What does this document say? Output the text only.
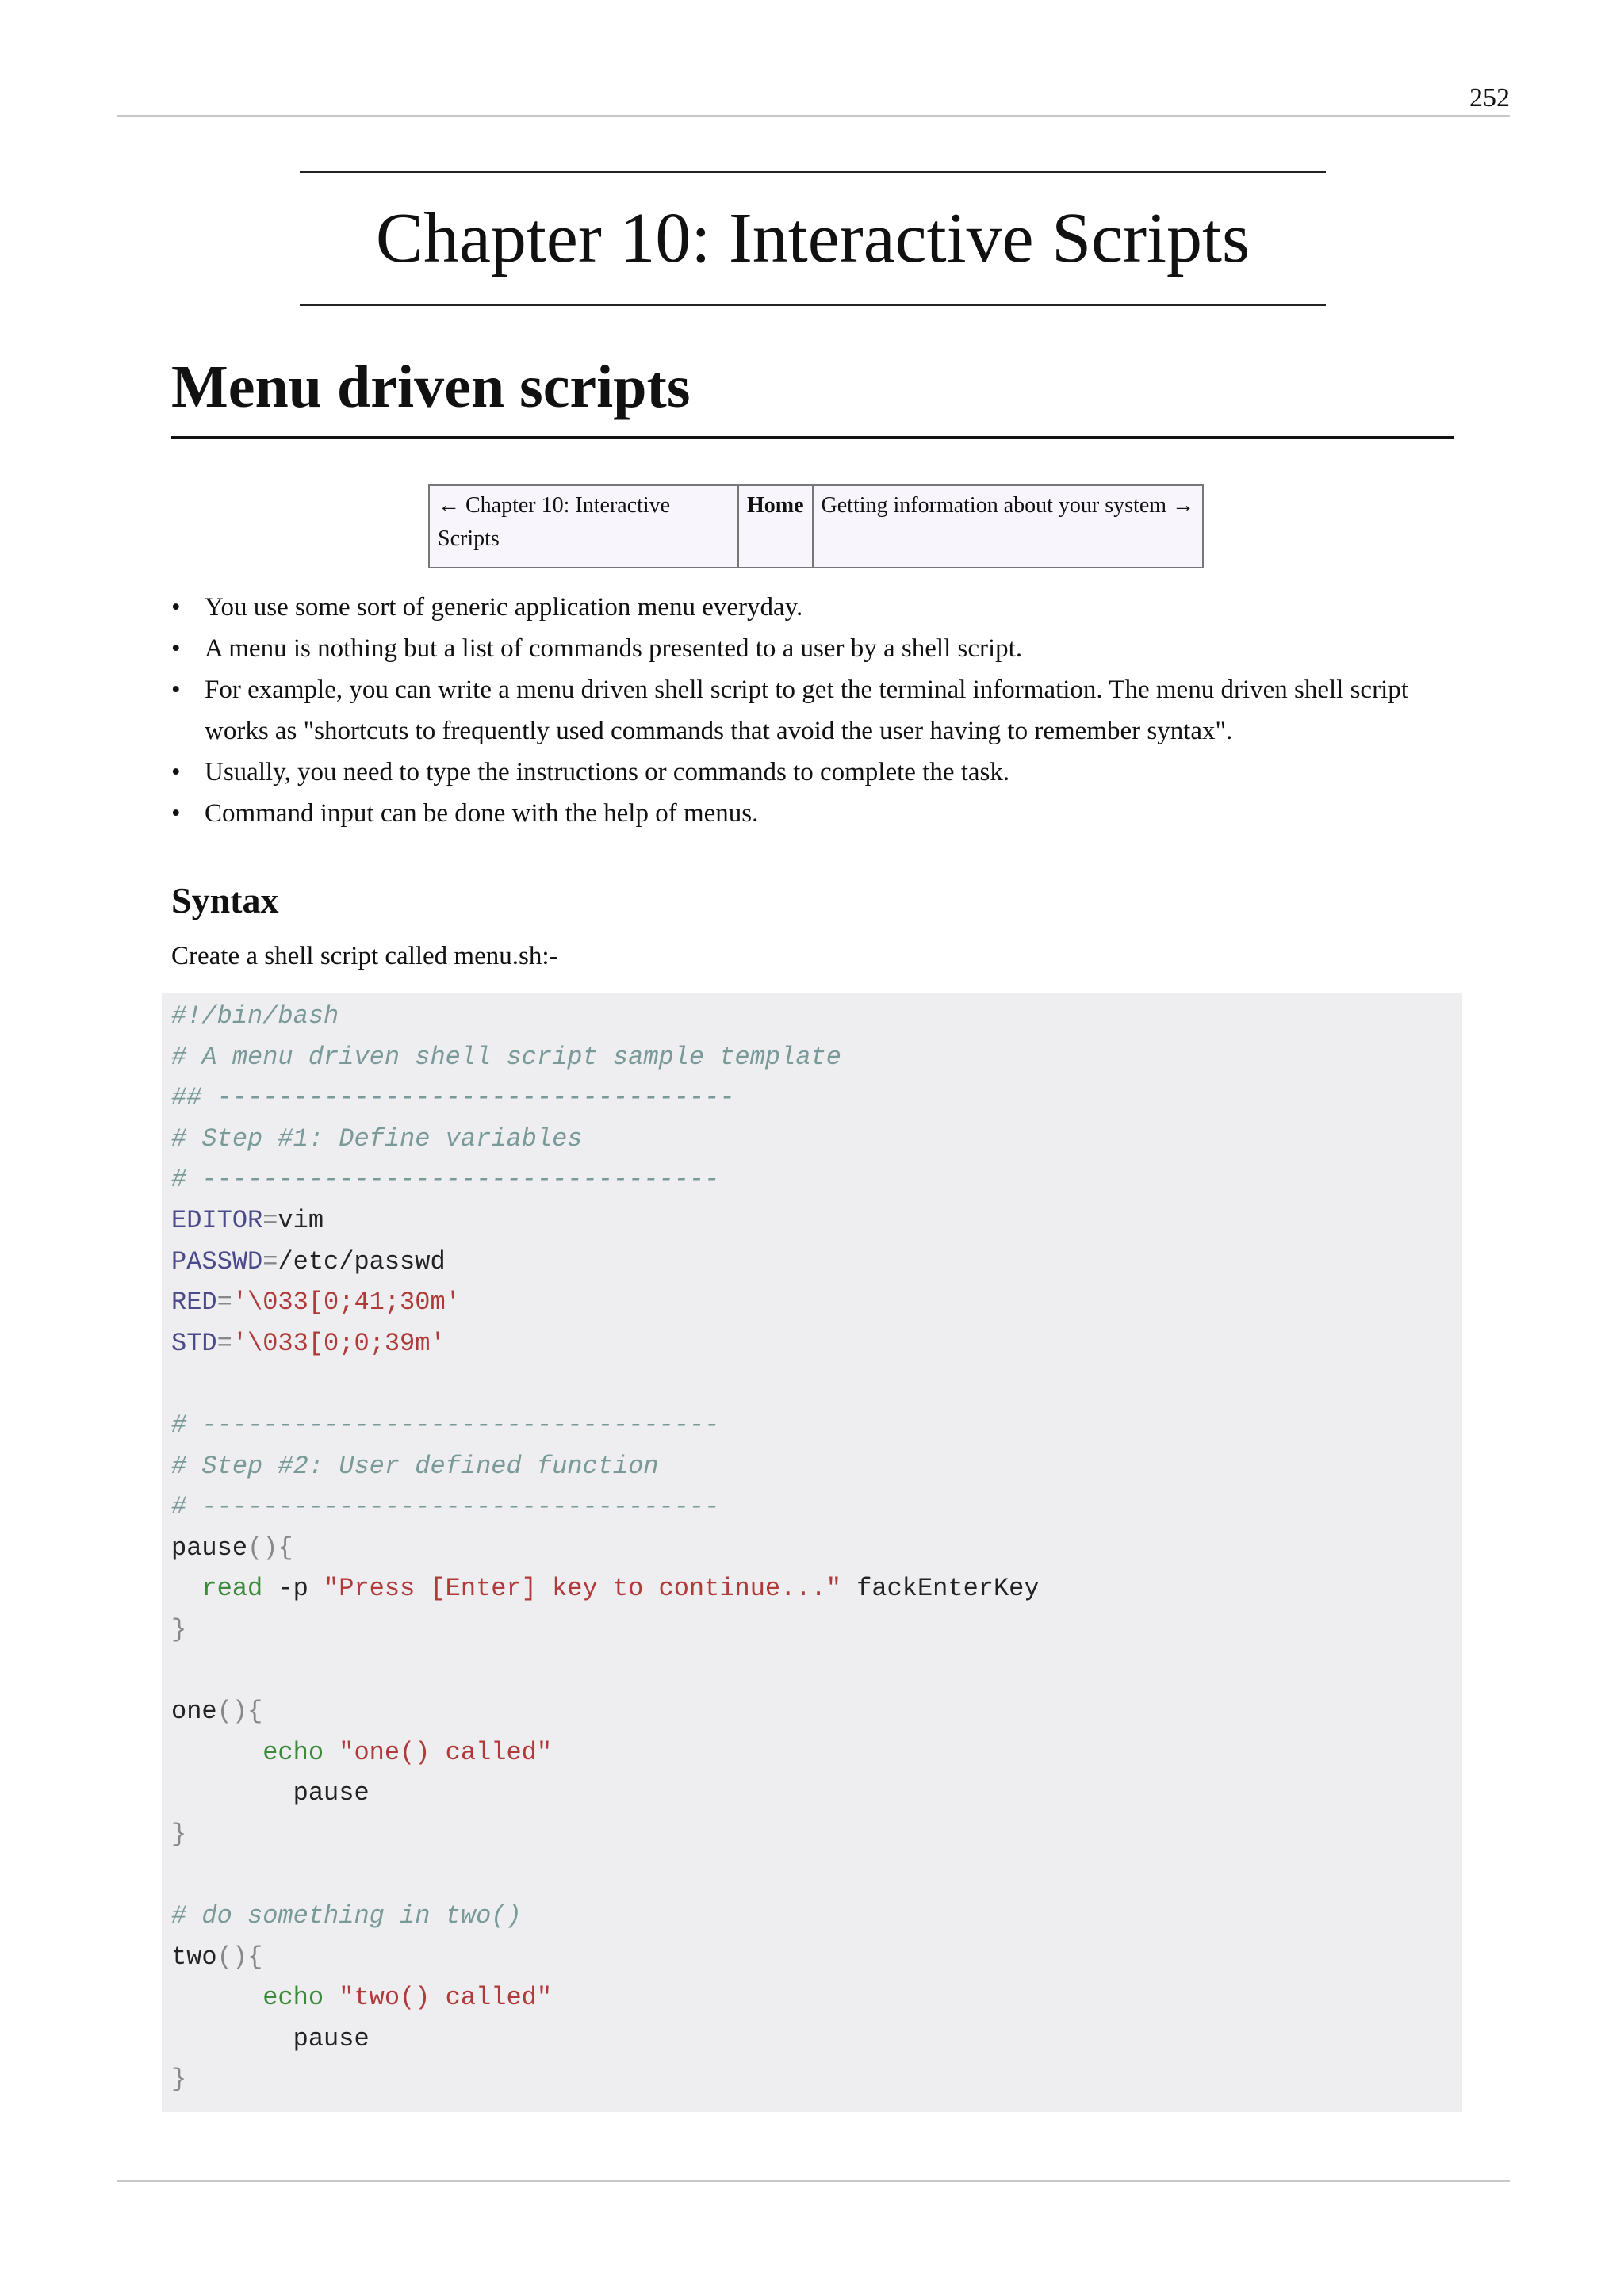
252
Chapter 10: Interactive Scripts
Menu driven scripts
← Chapter 10: Interactive Scripts	Home	Getting information about your system →
• You use some sort of generic application menu everyday.
• A menu is nothing but a list of commands presented to a user by a shell script.
• For example, you can write a menu driven shell script to get the terminal information. The menu driven shell script works as "shortcuts to frequently used commands that avoid the user having to remember syntax".
• Usually, you need to type the instructions or commands to complete the task.
• Command input can be done with the help of menus.
Syntax

Create a shell script called menu.sh:-

#!/bin/bash
# A menu driven shell script sample template
## ----------------------------------
# Step #1: Define variables
# ----------------------------------
EDITOR=vim
PASSWD=/etc/passwd
RED='\033[0;41;30m'
STD='\033[0;0;39m'
# ----------------------------------
# Step #2: User defined function
# ----------------------------------
pause(){
read -p "Press [Enter] key to continue..." fackEnterKey
}
one(){
echo "one() called"
pause
}
# do something in two()
two(){
echo "two() called"
pause
}
